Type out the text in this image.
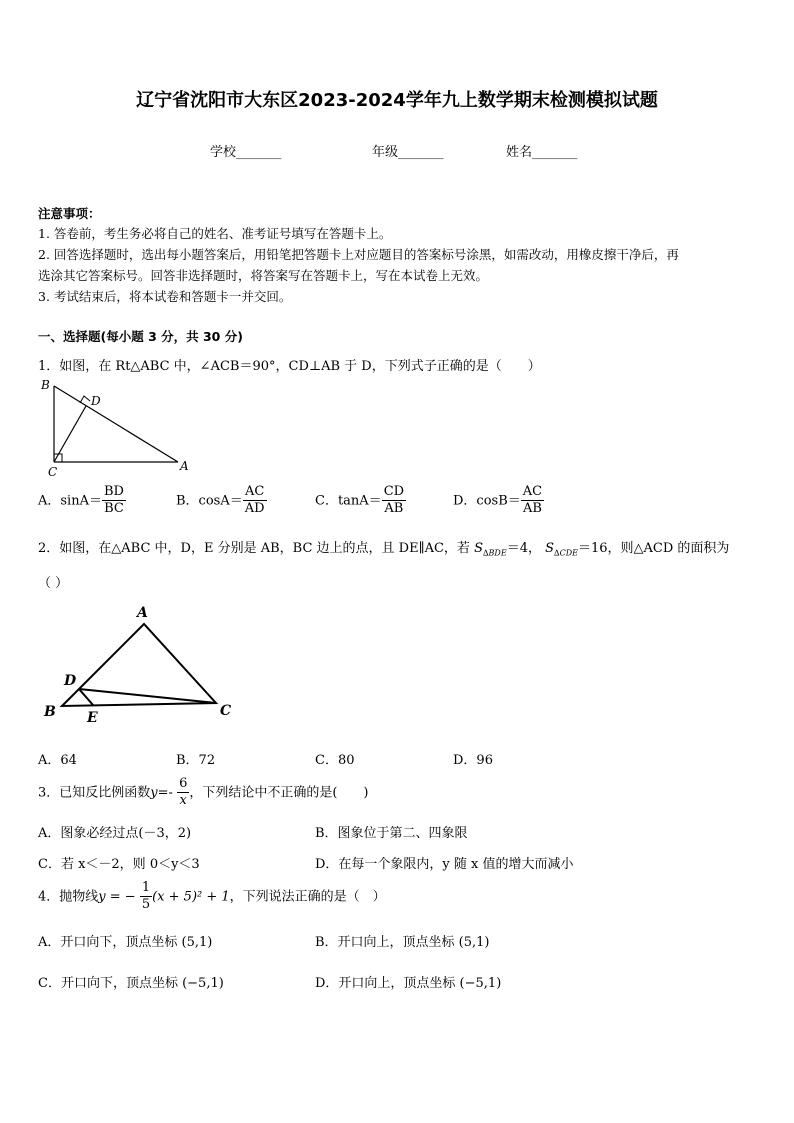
辽宁省沈阳市大东区2023-2024学年九上数学期末检测模拟试题
学校_______	年级_______	姓名_______
注意事项：
1. 答卷前，考生务必将自己的姓名、准考证号填写在答题卡上。
2. 回答选择题时，选出每小题答案后，用铅笔把答题卡上对应题目的答案标号涂黑，如需改动，用橡皮擦干净后，再
选涂其它答案标号。回答非选择题时，将答案写在答题卡上，写在本试卷上无效。
3. 考试结束后，将本试卷和答题卡一并交回。
一、选择题(每小题 3 分，共 30 分)
1．如图，在 Rt△ABC 中，∠ACB＝90°，CD⊥AB 于 D，下列式子正确的是（　　）
B
D
C	A
A．$\sin A= \frac{BD}{BC}$	B．$\cos A= \frac{AC}{AD}$	C．$\tan A= \frac{CD}{AB}$	D．$\cos B= \frac{AC}{AB}$
2．如图，在△ABC 中，D，E 分别是 AB，BC 边上的点，且 DE∥AC，若 $S_{\Delta BDE}=4$， $S_{\Delta CDE}=16$，则△ACD 的面积为
（ ）
A
D
B E	C
A．64	B．72	C．80	D．96
3．已知反比例函数$y=- \frac{6}{x}$ ，下列结论中不正确的是(　　)
A．图象必经过点(－3，2)	B．图象位于第二、四象限
C．若 x＜－2，则 0＜y＜3	D．在每一个象限内，y 随 x 值的增大而减小
4．抛物线y = − $\frac{1}{5} (x + 5)^2 + 1$，下列说法正确的是（　）
A．开口向下，顶点坐标 (5,1)	B．开口向上，顶点坐标 (5,1)
C．开口向下，顶点坐标 (−5,1)	D．开口向上，顶点坐标 (−5,1)
